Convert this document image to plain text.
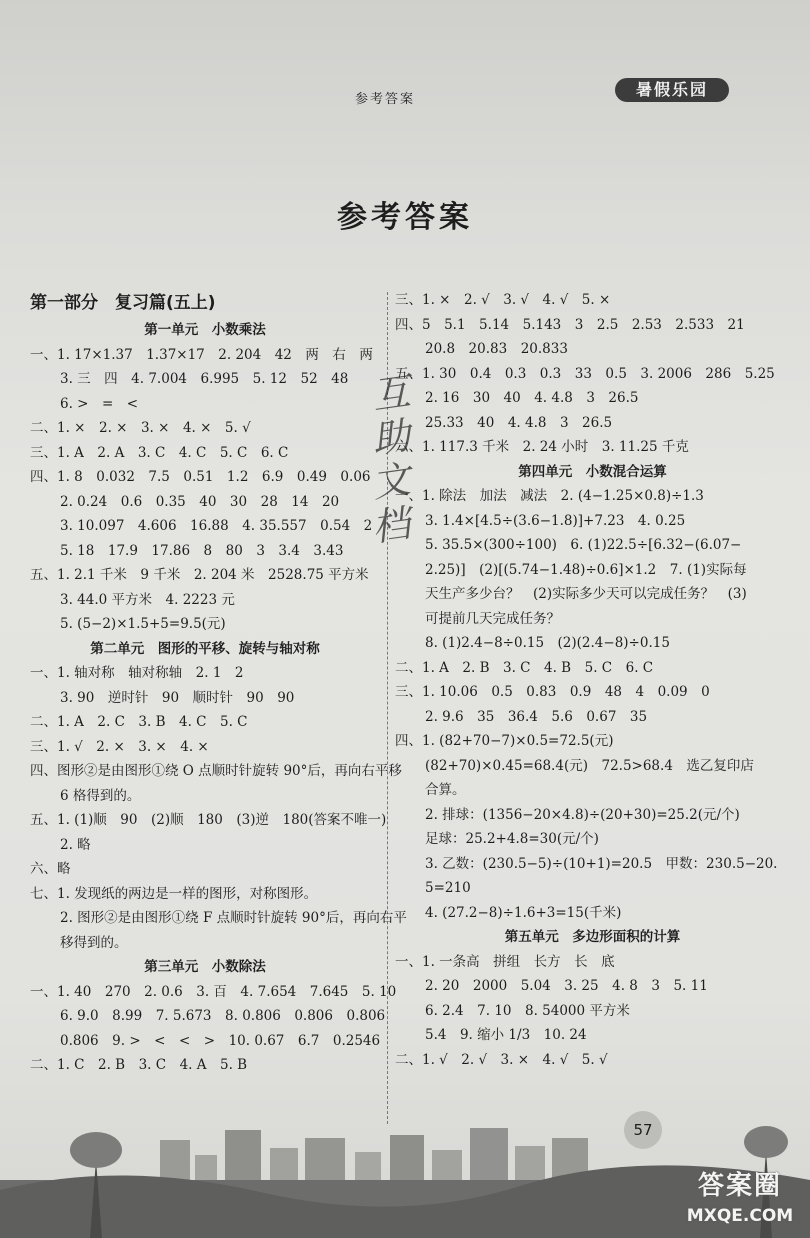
参考答案
暑假乐园
参考答案
第一部分　复习篇(五上)
第一单元　小数乘法
一、1. 17×1.37　1.37×17　2. 204　42　两　右　两
3. 三　四　4. 7.004　6.995　5. 12　52　48
6. >　=　<
二、1. ×　2. ×　3. ×　4. ×　5. √
三、1. A　2. A　3. C　4. C　5. C　6. C
四、1. 8　0.032　7.5　0.51　1.2　6.9　0.49　0.06
2. 0.24　0.6　0.35　40　30　28　14　20
3. 10.097　4.606　16.88　4. 35.557　0.54　2
5. 18　17.9　17.86　8　80　3　3.4　3.43
五、1. 2.1 千米　9 千米　2. 204 米　2528.75 平方米
3. 44.0 平方米　4. 2223 元
5. (5−2)×1.5+5=9.5(元)
第二单元　图形的平移、旋转与轴对称
一、1. 轴对称　轴对称轴　2. 1　2
3. 90　逆时针　90　顺时针　90　90
二、1. A　2. C　3. B　4. C　5. C
三、1. √　2. ×　3. ×　4. ×
四、图形②是由图形①绕 O 点顺时针旋转 90°后，再向右平移
6 格得到的。
五、1. (1)顺　90　(2)顺　180　(3)逆　180(答案不唯一)
2. 略
六、略
七、1. 发现纸的两边是一样的图形，对称图形。
2. 图形②是由图形①绕 F 点顺时针旋转 90°后，再向右平
移得到的。
第三单元　小数除法
一、1. 40　270　2. 0.6　3. 百　4. 7.654　7.645　5. 10
6. 9.0　8.99　7. 5.673　8. 0.806　0.806　0.806
0.806　9. >　<　<　>　10. 0.67　6.7　0.2546
二、1. C　2. B　3. C　4. A　5. B
三、1. ×　2. √　3. √　4. √　5. ×
四、5　5.1　5.14　5.143　3　2.5　2.53　2.533　21
20.8　20.83　20.833
五、1. 30　0.4　0.3　0.3　33　0.5　3. 2006　286　5.25
2. 16　30　40　4. 4.8　3　26.5
25.33　40　4. 4.8　3　26.5
六、1. 117.3 千米　2. 24 小时　3. 11.25 千克
第四单元　小数混合运算
一、1. 除法　加法　减法　2. (4−1.25×0.8)÷1.3
3. 1.4×[4.5÷(3.6−1.8)]+7.23　4. 0.25
5. 35.5×(300÷100)　6. (1)22.5÷[6.32−(6.07−
2.25)]　(2)[(5.74−1.48)÷0.6]×1.2　7. (1)实际每
天生产多少台？　(2)实际多少天可以完成任务？　(3)
可提前几天完成任务？
8. (1)2.4−8÷0.15　(2)(2.4−8)÷0.15
二、1. A　2. B　3. C　4. B　5. C　6. C
三、1. 10.06　0.5　0.83　0.9　48　4　0.09　0
2. 9.6　35　36.4　5.6　0.67　35
四、1. (82+70−7)×0.5=72.5(元)
(82+70)×0.45=68.4(元)　72.5>68.4　选乙复印店
合算。
2. 排球：(1356−20×4.8)÷(20+30)=25.2(元/个)
足球：25.2+4.8=30(元/个)
3. 乙数：(230.5−5)÷(10+1)=20.5　甲数：230.5−20.
5=210
4. (27.2−8)÷1.6+3=15(千米)
第五单元　多边形面积的计算
一、1. 一条高　拼组　长方　长　底
2. 20　2000　5.04　3. 25　4. 8　3　5. 11
6. 2.4　7. 10　8. 54000 平方米
5.4　9. 缩小 1/3　10. 24
二、1. √　2. √　3. ×　4. √　5. √
互
助
文
档
57
答案圈
MXQE.COM
